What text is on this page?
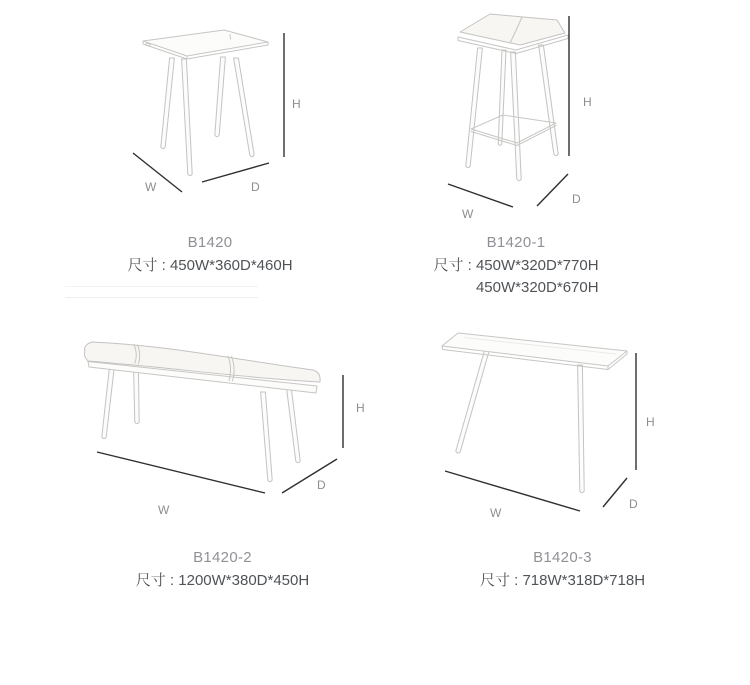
H
W	D
H
W
D
H
W
D
H
W
D
B1420
尺寸 : 450W*360D*460H
B1420-1
尺寸 : 450W*320D*770H
450W*320D*670H
B1420-2
尺寸 : 1200W*380D*450H
B1420-3
尺寸 : 718W*318D*718H
